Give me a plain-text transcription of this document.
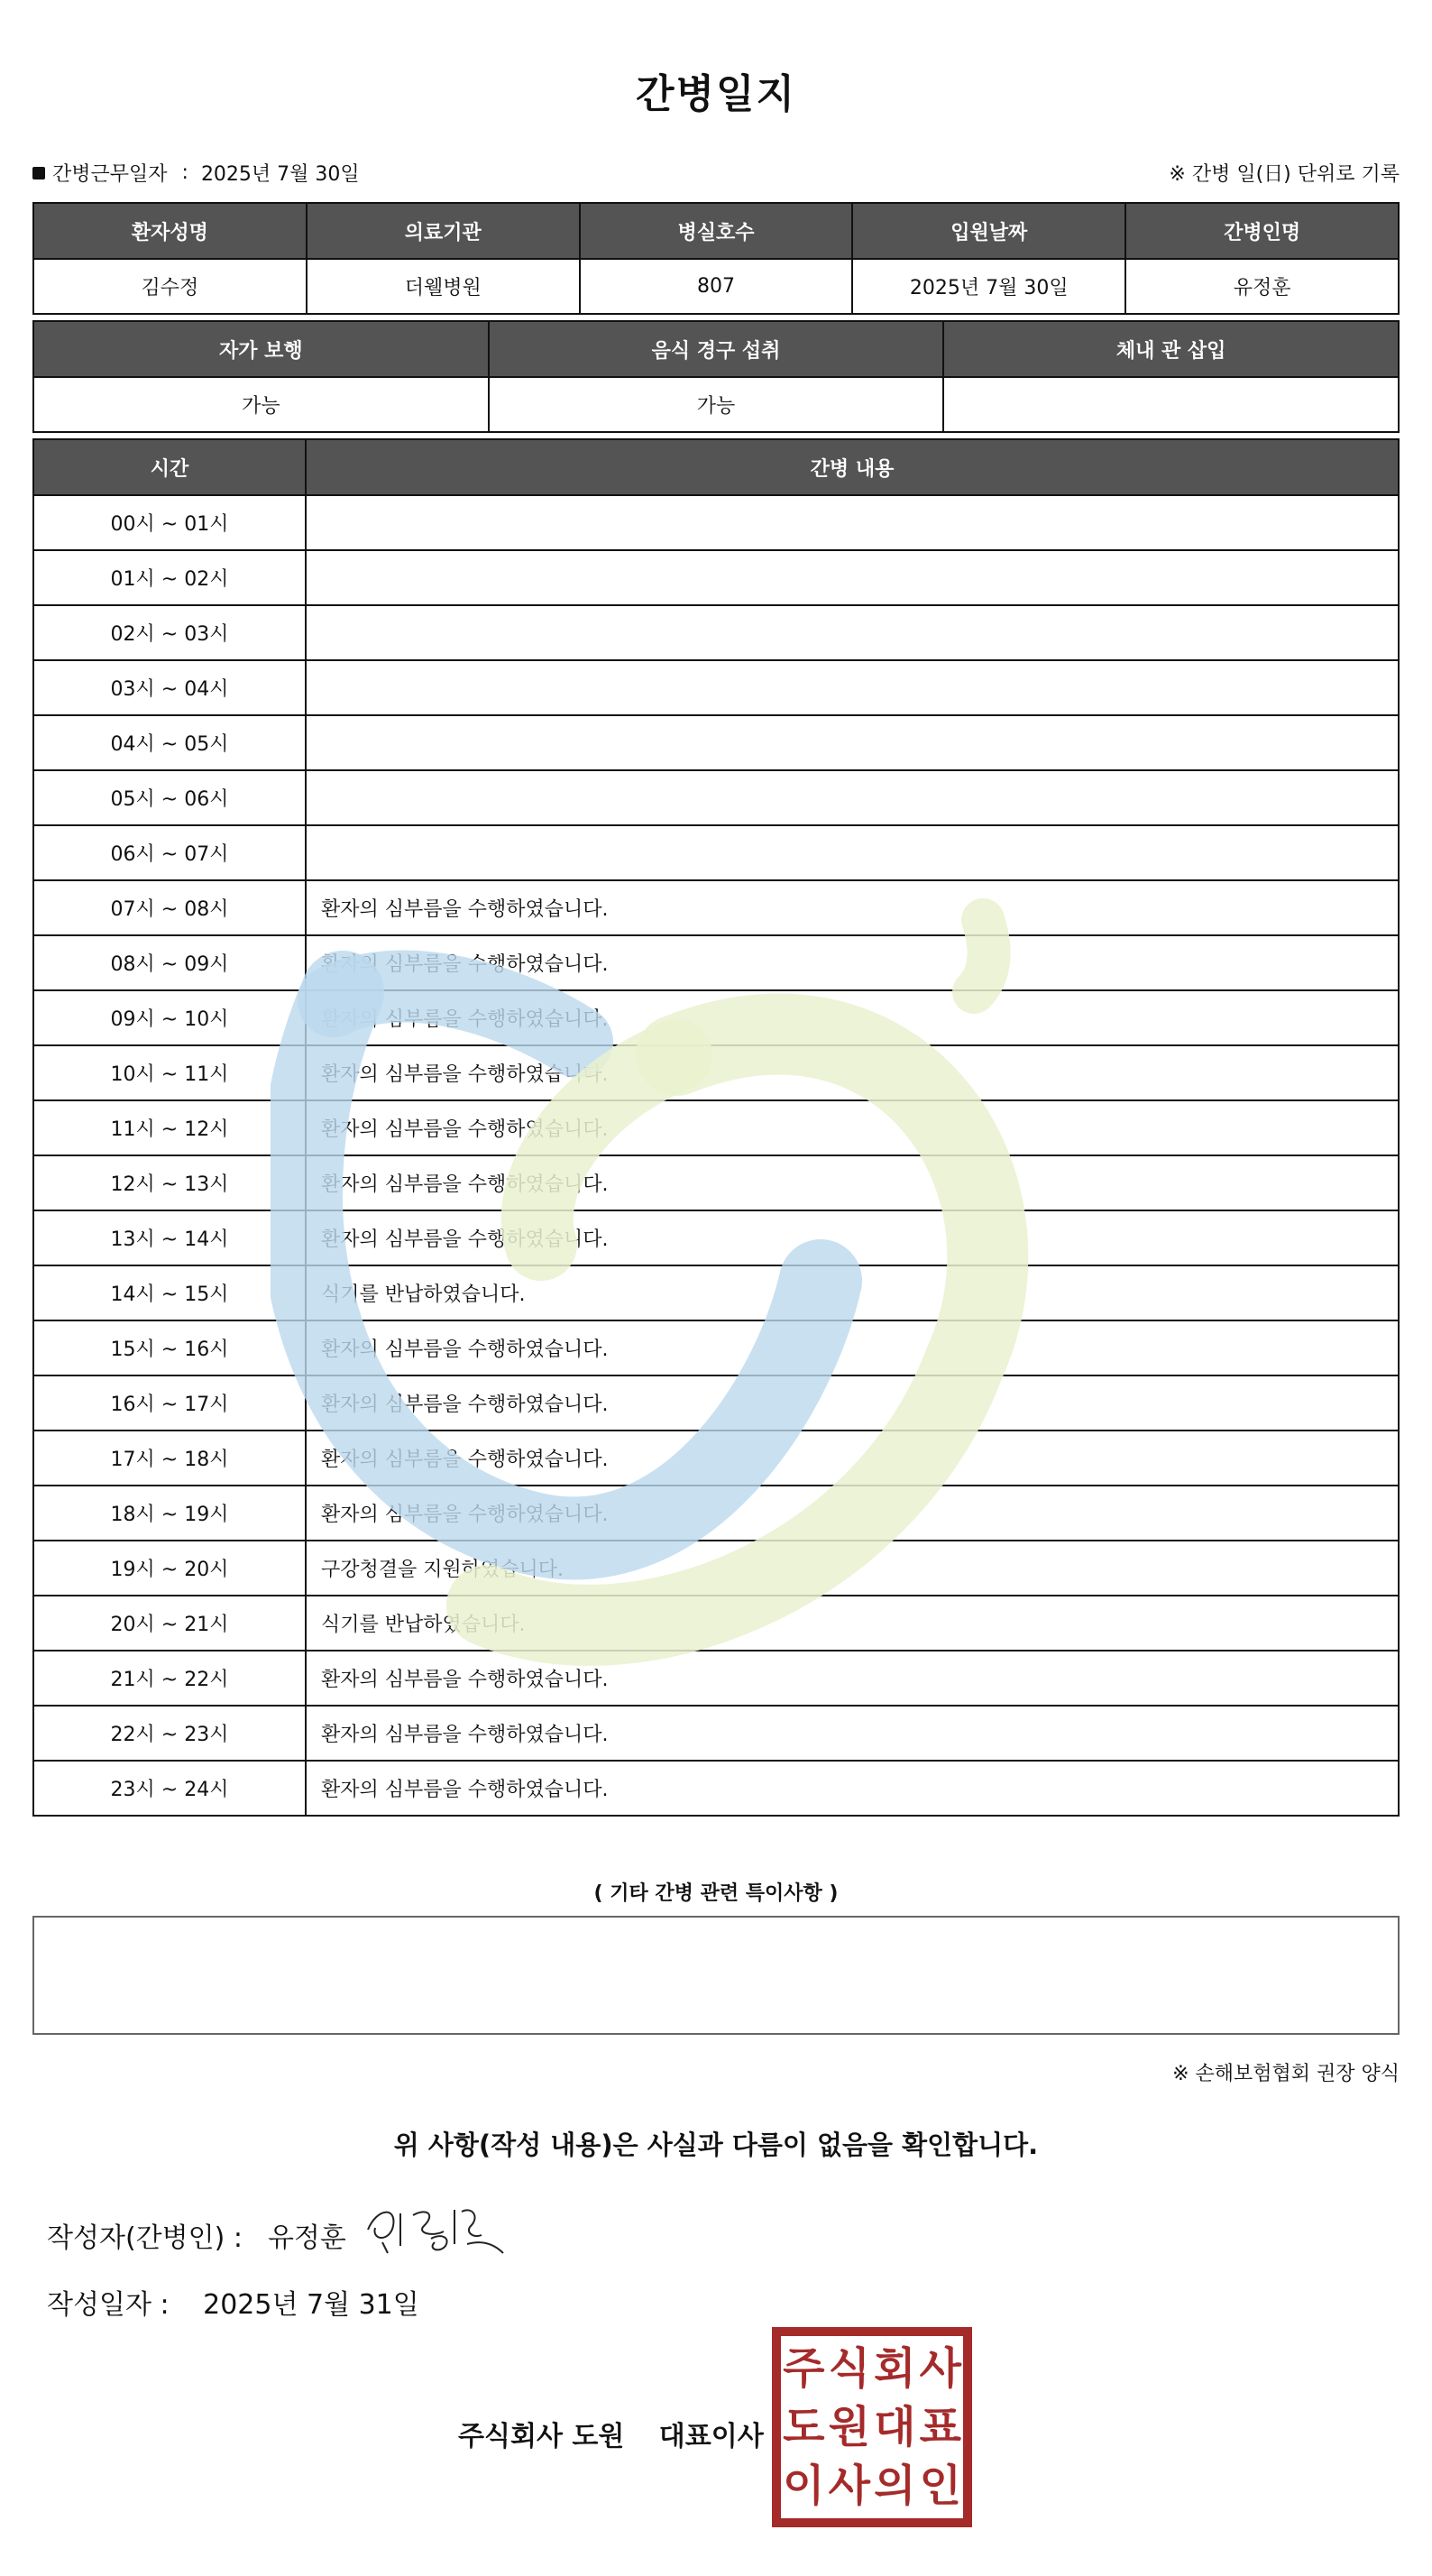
간병일지
간병근무일자 : 2025년 7월 30일	※ 간병 일(日) 단위로 기록
환자성명	의료기관	병실호수	입원날짜	간병인명
김수정	더웰병원	807	2025년 7월 30일	유정훈
자가 보행	음식 경구 섭취	체내 관 삽입
가능	가능	
시간	간병 내용
00시 ~ 01시	
01시 ~ 02시	
02시 ~ 03시	
03시 ~ 04시	
04시 ~ 05시	
05시 ~ 06시	
06시 ~ 07시	
07시 ~ 08시	환자의 심부름을 수행하였습니다.
08시 ~ 09시	환자의 심부름을 수행하였습니다.
09시 ~ 10시	환자의 심부름을 수행하였습니다.
10시 ~ 11시	환자의 심부름을 수행하였습니다.
11시 ~ 12시	환자의 심부름을 수행하였습니다.
12시 ~ 13시	환자의 심부름을 수행하였습니다.
13시 ~ 14시	환자의 심부름을 수행하였습니다.
14시 ~ 15시	식기를 반납하였습니다.
15시 ~ 16시	환자의 심부름을 수행하였습니다.
16시 ~ 17시	환자의 심부름을 수행하였습니다.
17시 ~ 18시	환자의 심부름을 수행하였습니다.
18시 ~ 19시	환자의 심부름을 수행하였습니다.
19시 ~ 20시	구강청결을 지원하였습니다.
20시 ~ 21시	식기를 반납하였습니다.
21시 ~ 22시	환자의 심부름을 수행하였습니다.
22시 ~ 23시	환자의 심부름을 수행하였습니다.
23시 ~ 24시	환자의 심부름을 수행하였습니다.
( 기타 간병 관련 특이사항 )
※ 손해보험협회 권장 양식
위 사항(작성 내용)은 사실과 다름이 없음을 확인합니다.
작성자(간병인) : 유정훈
작성일자 : 2025년 7월 31일
주식회사 도원 대표이사
주 식 회 사
도 원 대 표
이 사 의 인
